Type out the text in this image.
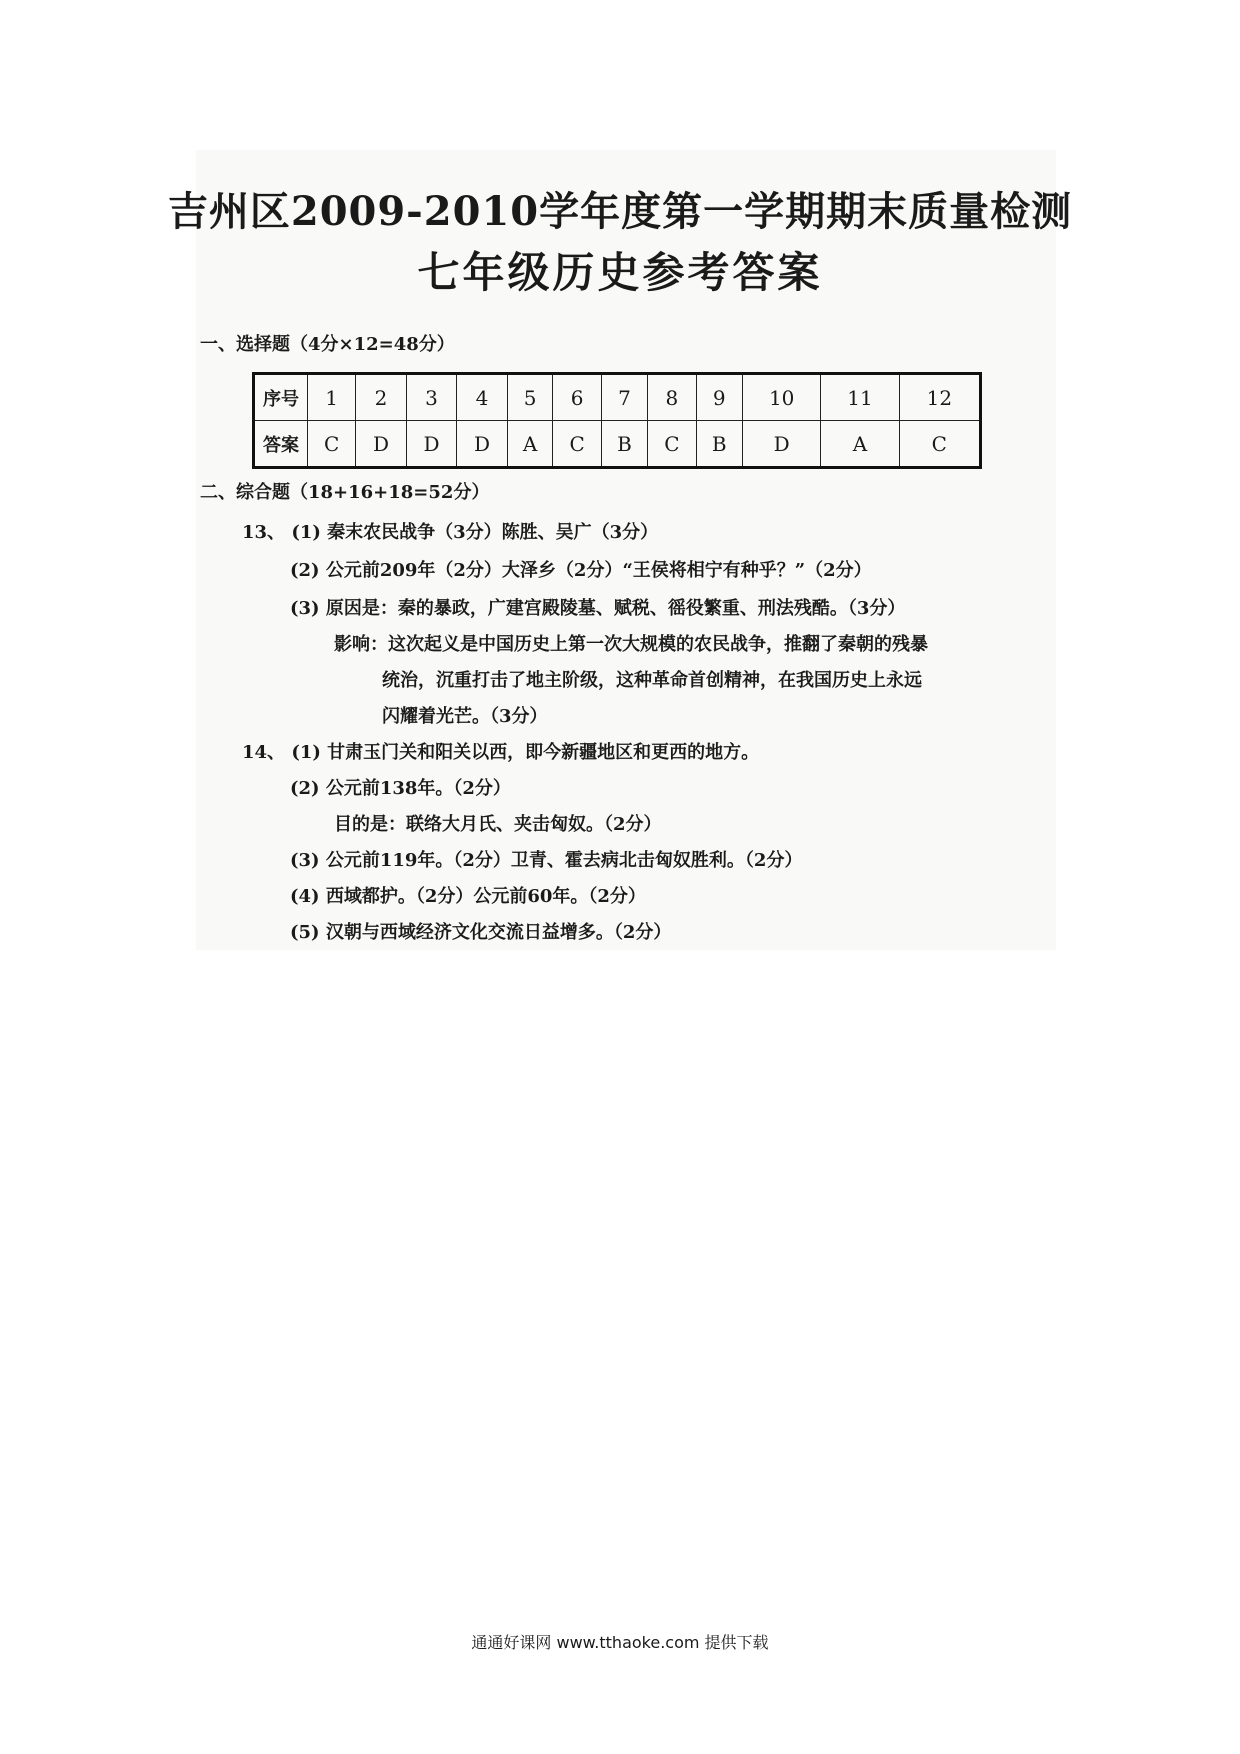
吉州区2009-2010学年度第一学期期末质量检测
七年级历史参考答案
一、选择题（4分×12=48分）
序号	1	2	3	4	5	6	7	8	9	10	11	12
答案	C	D	D	D	A	C	B	C	B	D	A	C
二、综合题（18+16+18=52分）
13、 (1) 秦末农民战争（3分）陈胜、吴广（3分）
(2) 公元前209年（2分）大泽乡（2分）“王侯将相宁有种乎？”（2分）
(3) 原因是：秦的暴政，广建宫殿陵墓、赋税、徭役繁重、刑法残酷。（3分）
影响：这次起义是中国历史上第一次大规模的农民战争，推翻了秦朝的残暴
统治，沉重打击了地主阶级，这种革命首创精神，在我国历史上永远
闪耀着光芒。（3分）
14、 (1) 甘肃玉门关和阳关以西，即今新疆地区和更西的地方。
(2) 公元前138年。（2分）
目的是：联络大月氏、夹击匈奴。（2分）
(3) 公元前119年。（2分）卫青、霍去病北击匈奴胜利。（2分）
(4) 西域都护。（2分）公元前60年。（2分）
(5) 汉朝与西域经济文化交流日益增多。（2分）
通通好课网 www.tthaoke.com 提供下载
